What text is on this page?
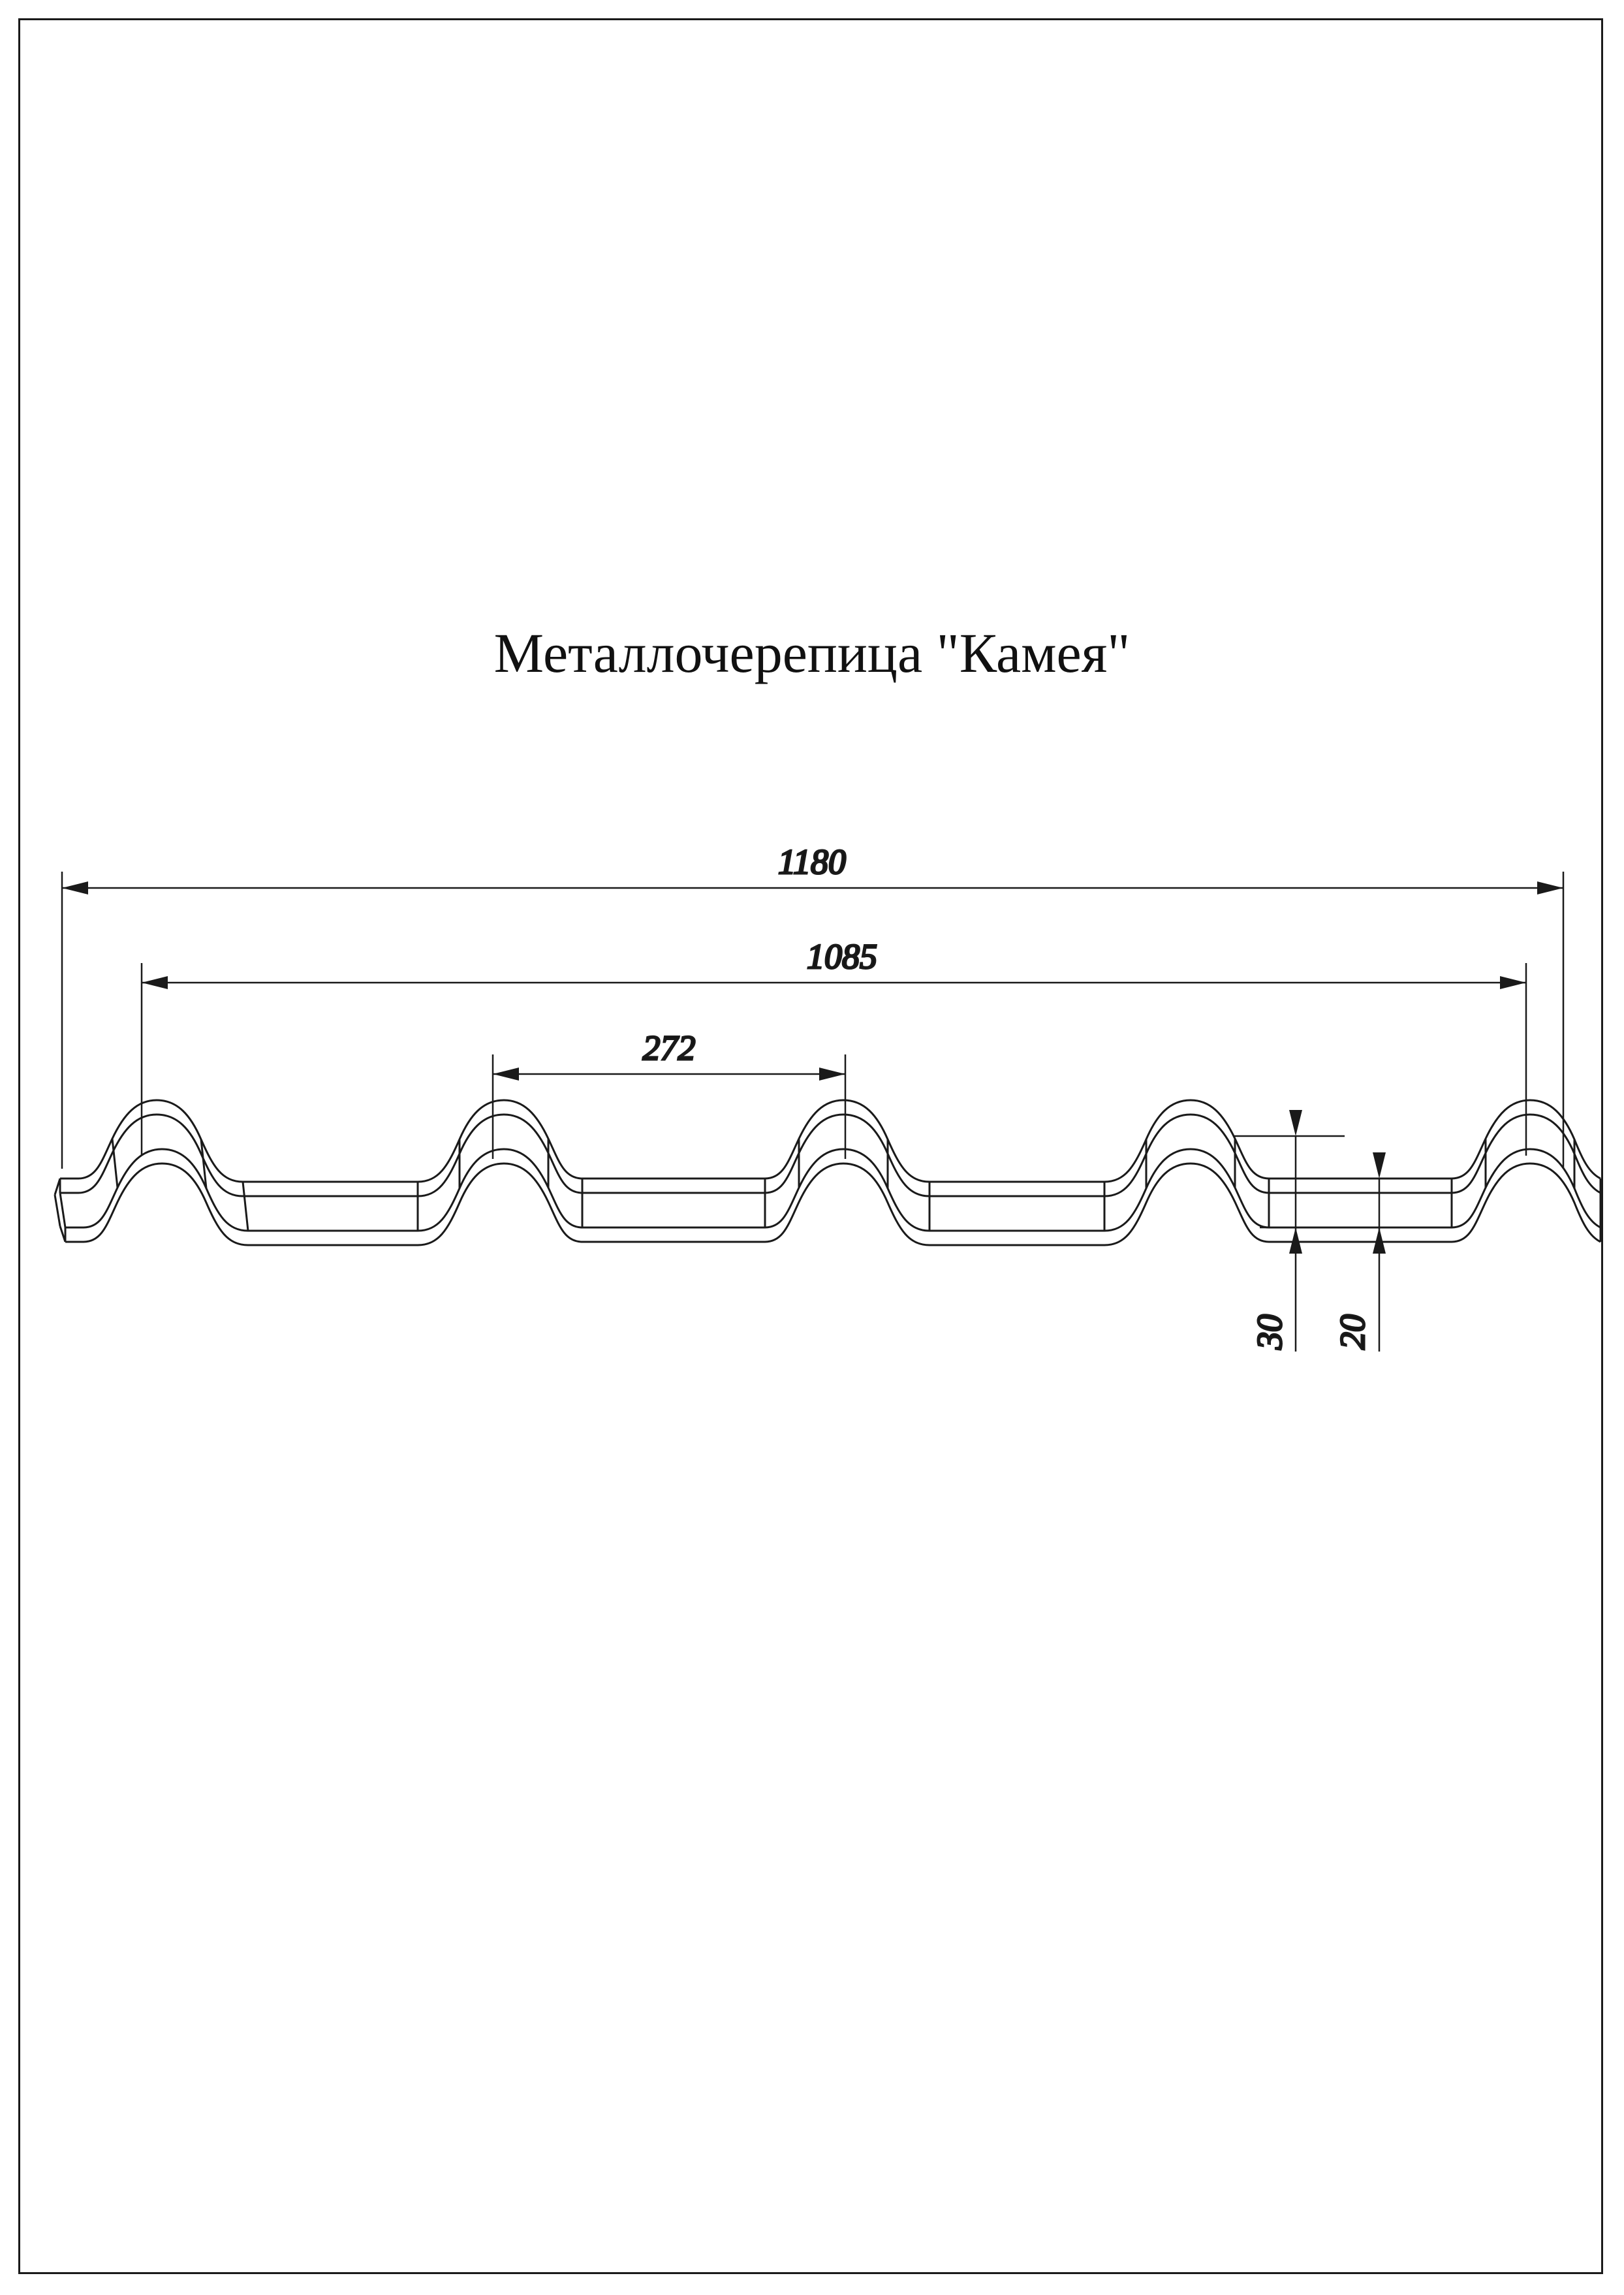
Металлочерепица "Камея"
1180
1085
272
30 20
